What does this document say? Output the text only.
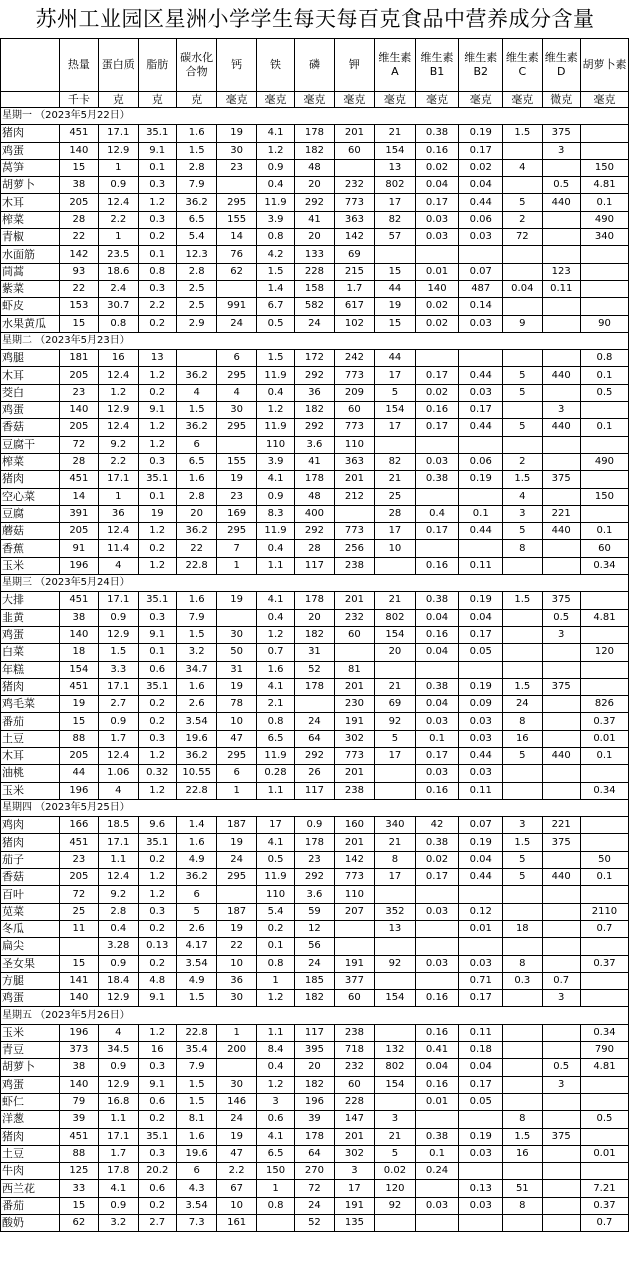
苏州工业园区星洲小学学生每天每百克食品中营养成分含量
	热量	蛋白质	脂肪	碳水化合物	钙	铁	磷	钾	维生素A	维生素B1	维生素B2	维生素C	维生素D	胡萝卜素
	千卡	克	克	克	毫克	毫克	毫克	毫克	毫克	毫克	毫克	毫克	微克	毫克
星期一 （2023年5月22日）														
猪肉	451	17.1	35.1	1.6	19	4.1	178	201	21	0.38	0.19	1.5	375	
鸡蛋	140	12.9	9.1	1.5	30	1.2	182	60	154	0.16	0.17		3	
莴笋	15	1	0.1	2.8	23	0.9	48		13	0.02	0.02	4		150
胡萝卜	38	0.9	0.3	7.9		0.4	20	232	802	0.04	0.04		0.5	4.81
木耳	205	12.4	1.2	36.2	295	11.9	292	773	17	0.17	0.44	5	440	0.1
榨菜	28	2.2	0.3	6.5	155	3.9	41	363	82	0.03	0.06	2		490
青椒	22	1	0.2	5.4	14	0.8	20	142	57	0.03	0.03	72		340
水面筋	142	23.5	0.1	12.3	76	4.2	133	69						
茼蒿	93	18.6	0.8	2.8	62	1.5	228	215	15	0.01	0.07		123	
紫菜	22	2.4	0.3	2.5		1.4	158	1.7	44	140	487	0.04	0.11	
虾皮	153	30.7	2.2	2.5	991	6.7	582	617	19	0.02	0.14			
水果黄瓜	15	0.8	0.2	2.9	24	0.5	24	102	15	0.02	0.03	9		90
星期二 （2023年5月23日）														
鸡腿	181	16	13		6	1.5	172	242	44					0.8
木耳	205	12.4	1.2	36.2	295	11.9	292	773	17	0.17	0.44	5	440	0.1
茭白	23	1.2	0.2	4	4	0.4	36	209	5	0.02	0.03	5		0.5
鸡蛋	140	12.9	9.1	1.5	30	1.2	182	60	154	0.16	0.17		3	
香菇	205	12.4	1.2	36.2	295	11.9	292	773	17	0.17	0.44	5	440	0.1
豆腐干	72	9.2	1.2	6		110	3.6	110						
榨菜	28	2.2	0.3	6.5	155	3.9	41	363	82	0.03	0.06	2		490
猪肉	451	17.1	35.1	1.6	19	4.1	178	201	21	0.38	0.19	1.5	375	
空心菜	14	1	0.1	2.8	23	0.9	48	212	25			4		150
豆腐	391	36	19	20	169	8.3	400		28	0.4	0.1	3	221	
蘑菇	205	12.4	1.2	36.2	295	11.9	292	773	17	0.17	0.44	5	440	0.1
香蕉	91	11.4	0.2	22	7	0.4	28	256	10			8		60
玉米	196	4	1.2	22.8	1	1.1	117	238		0.16	0.11			0.34
星期三 （2023年5月24日）														
大排	451	17.1	35.1	1.6	19	4.1	178	201	21	0.38	0.19	1.5	375	
韭黄	38	0.9	0.3	7.9		0.4	20	232	802	0.04	0.04		0.5	4.81
鸡蛋	140	12.9	9.1	1.5	30	1.2	182	60	154	0.16	0.17		3	
白菜	18	1.5	0.1	3.2	50	0.7	31		20	0.04	0.05			120
年糕	154	3.3	0.6	34.7	31	1.6	52	81						
猪肉	451	17.1	35.1	1.6	19	4.1	178	201	21	0.38	0.19	1.5	375	
鸡毛菜	19	2.7	0.2	2.6	78	2.1		230	69	0.04	0.09	24		826
番茄	15	0.9	0.2	3.54	10	0.8	24	191	92	0.03	0.03	8		0.37
土豆	88	1.7	0.3	19.6	47	6.5	64	302	5	0.1	0.03	16		0.01
木耳	205	12.4	1.2	36.2	295	11.9	292	773	17	0.17	0.44	5	440	0.1
油桃	44	1.06	0.32	10.55	6	0.28	26	201		0.03	0.03			
玉米	196	4	1.2	22.8	1	1.1	117	238		0.16	0.11			0.34
星期四 （2023年5月25日）														
鸡肉	166	18.5	9.6	1.4	187	17	0.9	160	340	42	0.07	3	221	
猪肉	451	17.1	35.1	1.6	19	4.1	178	201	21	0.38	0.19	1.5	375	
茄子	23	1.1	0.2	4.9	24	0.5	23	142	8	0.02	0.04	5		50
香菇	205	12.4	1.2	36.2	295	11.9	292	773	17	0.17	0.44	5	440	0.1
百叶	72	9.2	1.2	6		110	3.6	110						
苋菜	25	2.8	0.3	5	187	5.4	59	207	352	0.03	0.12			2110
冬瓜	11	0.4	0.2	2.6	19	0.2	12		13		0.01	18		0.7
扁尖		3.28	0.13	4.17	22	0.1	56							
圣女果	15	0.9	0.2	3.54	10	0.8	24	191	92	0.03	0.03	8		0.37
方腿	141	18.4	4.8	4.9	36	1	185	377			0.71	0.3	0.7	
鸡蛋	140	12.9	9.1	1.5	30	1.2	182	60	154	0.16	0.17		3	
星期五 （2023年5月26日）														
玉米	196	4	1.2	22.8	1	1.1	117	238		0.16	0.11			0.34
青豆	373	34.5	16	35.4	200	8.4	395	718	132	0.41	0.18			790
胡萝卜	38	0.9	0.3	7.9		0.4	20	232	802	0.04	0.04		0.5	4.81
鸡蛋	140	12.9	9.1	1.5	30	1.2	182	60	154	0.16	0.17		3	
虾仁	79	16.8	0.6	1.5	146	3	196	228		0.01	0.05			
洋葱	39	1.1	0.2	8.1	24	0.6	39	147	3			8		0.5
猪肉	451	17.1	35.1	1.6	19	4.1	178	201	21	0.38	0.19	1.5	375	
土豆	88	1.7	0.3	19.6	47	6.5	64	302	5	0.1	0.03	16		0.01
牛肉	125	17.8	20.2	6	2.2	150	270	3	0.02	0.24				
西兰花	33	4.1	0.6	4.3	67	1	72	17	120		0.13	51		7.21
番茄	15	0.9	0.2	3.54	10	0.8	24	191	92	0.03	0.03	8		0.37
酸奶	62	3.2	2.7	7.3	161		52	135						0.7
